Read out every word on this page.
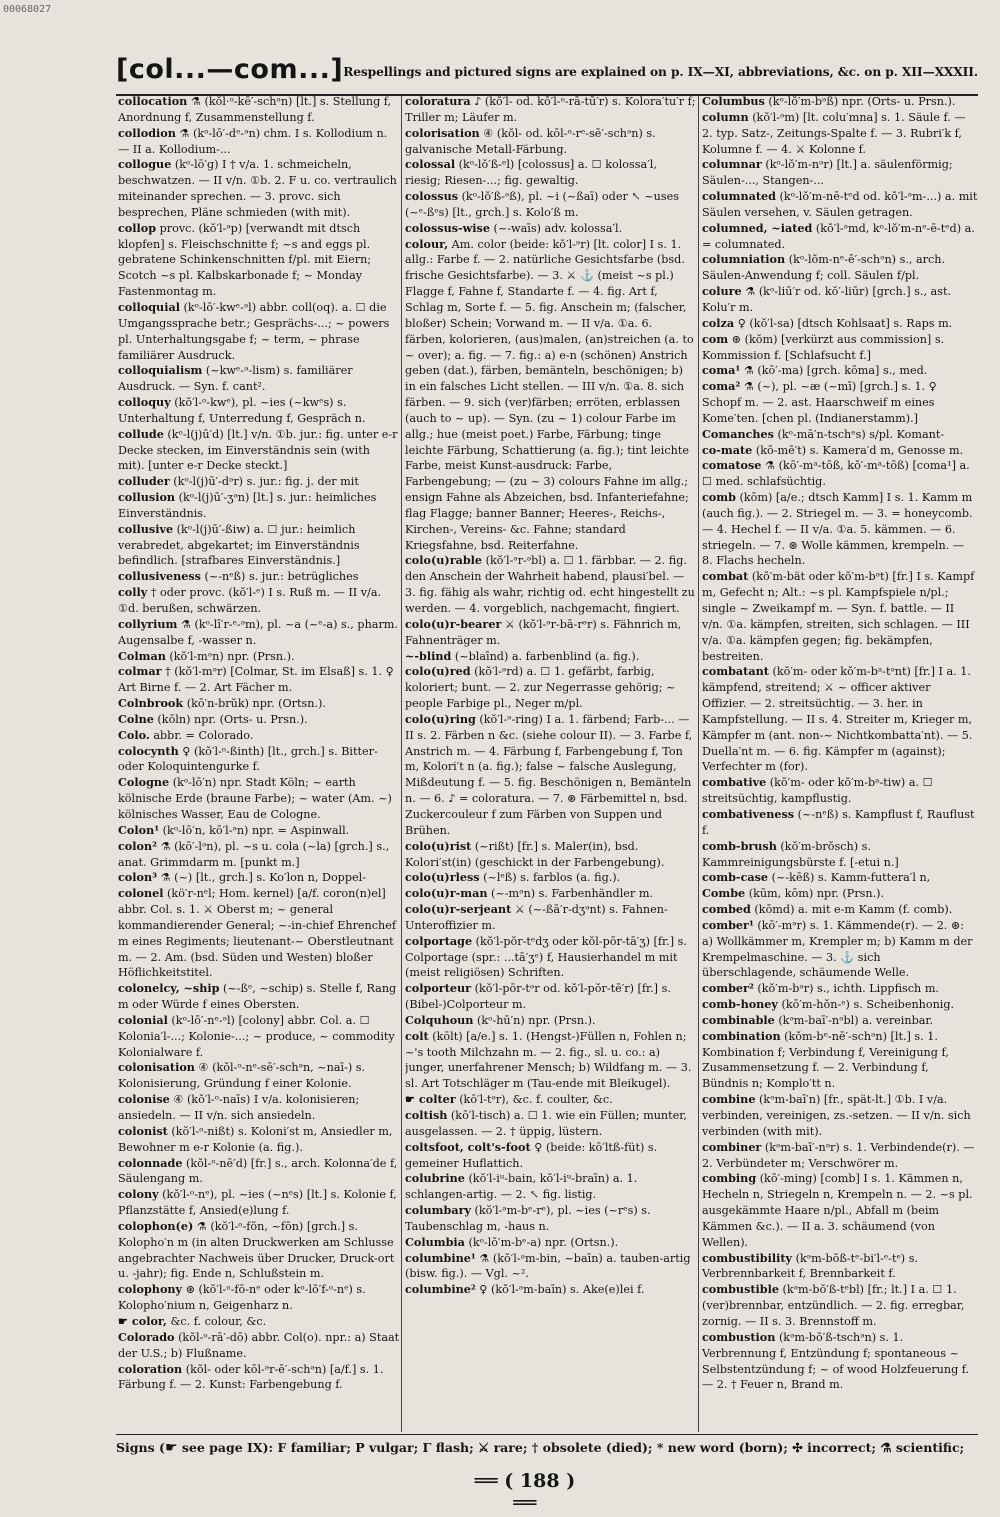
00068027
[col...—com...] Respellings and pictured signs are explained on p. IX—XI, abbreviations, &c. on p. XII—XXXII.

collocation ⚗ (kŏl·ᵒ-kē′-schᵊn) [lt.] s. Stellung f, Anordnung f, Zusammenstellung f.

collodion ⚗ (kᵒ-lō′-dᵉ-ᵊn) chm. I s. Kollodium n. — II a. Kollodium-...

collogue (kᵒ-lō′g) I † v/a. 1. schmeicheln, beschwatzen. — II v/n. ①b. 2. F u. co. vertraulich miteinander sprechen. — 3. provc. sich besprechen, Pläne schmieden (with mit).

collop provc. (kŏ′l-ᵊp) [verwandt mit dtsch klopfen] s. Fleischschnitte f; ~s and eggs pl. gebratene Schinkenschnitten f/pl. mit Eiern; Scotch ~s pl. Kalbskarbonade f; ~ Monday Fastenmontag m.

colloquial (kᵒ-lō′-kwᵉ-ᵊl) abbr. coll(oq). a. ☐ die Umgangssprache betr.; Gesprächs-...; ~ powers pl. Unterhaltungsgabe f; ~ term, ~ phrase familiärer Ausdruck.

colloquialism (~kwᵉ-ᵊ-lism) s. familiärer Ausdruck. — Syn. f. cant².

colloquy (kŏ′l-ᵒ-kwᵉ), pl. ~ies (~kwᵉs) s. Unterhaltung f, Unterredung f, Gespräch n.

collude (kᵒ-l(j)ū′d) [lt.] v/n. ①b. jur.: fig. unter e-r Decke stecken, im Einverständnis sein (with mit). [unter e-r Decke steckt.]

colluder (kᵒ-l(j)ū′-dᵊr) s. jur.: fig. j. der mit

collusion (kᵒ-l(j)ū′-ʒᵊn) [lt.] s. jur.: heimliches Einverständnis.

collusive (kᵒ-l(j)ū′-ßiw) a. ☐ jur.: heimlich verabredet, abgekartet; im Einverständnis befindlich. [strafbares Einverständnis.]

collusiveness (~-nᵉß) s. jur.: betrügliches

colly † oder provc. (kŏ′l-ᵉ) I s. Ruß m. — II v/a. ①d. berußen, schwärzen.

collyrium ⚗ (kᵒ-lī′r-ᵉ-ᵊm), pl. ~a (~ᵉ-a) s., pharm. Augensalbe f, -wasser n.

Colman (kŏ′l-mᵊn) npr. (Prsn.).

colmar † (kŏ′l-mᵊr) [Colmar, St. im Elsaß] s. 1. ♀ Art Birne f. — 2. Art Fächer m.

Colnbrook (kō′n-brŭk) npr. (Ortsn.).

Colne (kōln) npr. (Orts- u. Prsn.).

Colo. abbr. = Colorado.

colocynth ♀ (kŏ′l-ᵒ-ßinth) [lt., grch.] s. Bitter- oder Koloquintengurke f.

Cologne (kᵒ-lō′n) npr. Stadt Köln; ~ earth kölnische Erde (braune Farbe); ~ water (Am. ~) kölnisches Wasser, Eau de Cologne.

Colon¹ (kᵒ-lō′n, kō′l-ᵊn) npr. = Aspinwall.

colon² ⚗ (kō′-lᵊn), pl. ~s u. cola (~la) [grch.] s., anat. Grimmdarm m. [punkt m.]

colon³ ⚗ (~) [lt., grch.] s. Ko′lon n, Doppel-

colonel (kö′r-nᵉl; Hom. kernel) [a/f. coron(n)el] abbr. Col. s. 1. ⚔ Oberst m; ~ general kommandierender General; ~-in-chief Ehrenchef m eines Regiments; lieutenant-~ Oberstleutnant m. — 2. Am. (bsd. Süden und Westen) bloßer Höflichkeitstitel.

colonelcy, ~ship (~-ßᵉ, ~schip) s. Stelle f, Rang m oder Würde f eines Obersten.

colonial (kᵒ-lō′-nᵉ-ᵊl) [colony] abbr. Col. a. ☐ Kolonia′l-...; Kolonie-...; ~ produce, ~ commodity Kolonialware f.

colonisation ④ (kŏl-ᵒ-nᵉ-sē′-schᵊn, ~naī-) s. Kolonisierung, Gründung f einer Kolonie.

colonise ④ (kŏ′l-ᵒ-naīs) I v/a. kolonisieren; ansiedeln. — II v/n. sich ansiedeln.

colonist (kŏ′l-ᵒ-nißt) s. Koloni′st m, Ansiedler m, Bewohner m e-r Kolonie (a. fig.).

colonnade (kŏl-ᵒ-nē′d) [fr.] s., arch. Kolonna′de f, Säulengang m.

colony (kŏ′l-ᵒ-nᵉ), pl. ~ies (~nᵉs) [lt.] s. Kolonie f, Pflanzstätte f, Ansied(e)lung f.

colophon(e) ⚗ (kŏ′l-ᵒ-fŏn, ~fōn) [grch.] s. Kolopho′n m (in alten Druckwerken am Schlusse angebrachter Nachweis über Drucker, Druck-ort u. -jahr); fig. Ende n, Schlußstein m.

colophony ⊛ (kŏ′l-ᵒ-fō-nᵉ oder kᵒ-lŏ′f-ᵒ-nᵉ) s. Kolopho′nium n, Geigenharz n.

☛ color, &c. f. colour, &c.

Colorado (kŏl-ᵒ-rā′-dō) abbr. Col(o). npr.: a) Staat der U.S.; b) Flußname.

coloration (kŏl- oder kōl-ᵊr-ē′-schᵊn) [a/f.] s. 1. Färbung f. — 2. Kunst: Farbengebung f.

coloratura ♪ (kŏ′l- od. kō′l-ᵒ-rā-tū′r) s. Kolora′tu′r f; Triller m; Läufer m.

colorisation ④ (kŏl- od. kōl-ᵒ-rᵉ-sē′-schᵊn) s. galvanische Metall-Färbung.

colossal (kᵒ-lŏ′ß-ᵉl) [colossus] a. ☐ kolossa′l, riesig; Riesen-...; fig. gewaltig.

colossus (kᵒ-lŏ′ß-ᵊß), pl. ~i (~ßaī) oder ↖ ~uses (~ᵉ-ßᵉs) [lt., grch.] s. Kolo′ß m.

colossus-wise (~-waīs) adv. kolossa′l.

colour, Am. color (beide: kŏ′l-ᵊr) [lt. color] I s. 1. allg.: Farbe f. — 2. natürliche Gesichtsfarbe (bsd. frische Gesichtsfarbe). — 3. ⚔ ⚓ (meist ~s pl.) Flagge f, Fahne f, Standarte f. — 4. fig. Art f, Schlag m, Sorte f. — 5. fig. Anschein m; (falscher, bloßer) Schein; Vorwand m. — II v/a. ①a. 6. färben, kolorieren, (aus)malen, (an)streichen (a. to ~ over); a. fig. — 7. fig.: a) e-n (schönen) Anstrich geben (dat.), färben, bemänteln, beschönigen; b) in ein falsches Licht stellen. — III v/n. ①a. 8. sich färben. — 9. sich (ver)färben; erröten, erblassen (auch to ~ up). — Syn. (zu ~ 1) colour Farbe im allg.; hue (meist poet.) Farbe, Färbung; tinge leichte Färbung, Schattierung (a. fig.); tint leichte Farbe, meist Kunst-ausdruck: Farbe, Farbengebung; — (zu ~ 3) colours Fahne im allg.; ensign Fahne als Abzeichen, bsd. Infanteriefahne; flag Flagge; banner Banner; Heeres-, Reichs-, Kirchen-, Vereins- &c. Fahne; standard Kriegsfahne, bsd. Reiterfahne.

colo(u)rable (kŏ′l-ᵊr-ᵊbl) a. ☐ 1. färbbar. — 2. fig. den Anschein der Wahrheit habend, plausi′bel. — 3. fig. fähig als wahr, richtig od. echt hingestellt zu werden. — 4. vorgeblich, nachgemacht, fingiert.

colo(u)r-bearer ⚔ (kŏ′l-ᵊr-bā-rᵊr) s. Fähnrich m, Fahnenträger m.

~-blind (~blaīnd) a. farbenblind (a. fig.).

colo(u)red (kŏ′l-ᵊrd) a. ☐ 1. gefärbt, farbig, koloriert; bunt. — 2. zur Negerrasse gehörig; ~ people Farbige pl., Neger m/pl.

colo(u)ring (kŏ′l-ᵊ-ring) I a. 1. färbend; Farb-... — II s. 2. Färben n &c. (siehe colour II). — 3. Farbe f, Anstrich m. — 4. Färbung f, Farbengebung f, Ton m, Kolori′t n (a. fig.); false ~ falsche Auslegung, Mißdeutung f. — 5. fig. Beschönigen n, Bemänteln n. — 6. ♪ = coloratura. — 7. ⊛ Färbemittel n, bsd. Zuckercouleur f zum Färben von Suppen und Brühen.

colo(u)rist (~rißt) [fr.] s. Maler(in), bsd. Kolori′st(in) (geschickt in der Farbengebung).

colo(u)rless (~lᵉß) s. farblos (a. fig.).

colo(u)r-man (~-mᵊn) s. Farbenhändler m.

colo(u)r-serjeant ⚔ (~-ßā′r-dʒᵊnt) s. Fahnen-Unteroffizier m.

colportage (kŏ′l-pŏr-tᵉdʒ oder kŏl-pōr-tā′ʒ) [fr.] s. Colportage (spr.: ...tā′ʒᵉ) f, Hausierhandel m mit (meist religiösen) Schriften.

colporteur (kŏ′l-pōr-tᵊr od. kŏ′l-pŏr-tē′r) [fr.] s. (Bibel-)Colporteur m.

Colquhoun (kᵒ-hū′n) npr. (Prsn.).

colt (kōlt) [a/e.] s. 1. (Hengst-)Füllen n, Fohlen n; ~'s tooth Milchzahn m. — 2. fig., sl. u. co.: a) junger, unerfahrener Mensch; b) Wildfang m. — 3. sl. Art Totschläger m (Tau-ende mit Bleikugel).

☛ colter (kō′l-tᵊr), &c. f. coulter, &c.

coltish (kō′l-tisch) a. ☐ 1. wie ein Füllen; munter, ausgelassen. — 2. † üppig, lüstern.

coltsfoot, colt's-foot ♀ (beide: kō′ltß-füt) s. gemeiner Huflattich.

colubrine (kŏ′l-iᵘ-bain, kŏ′l-iᵘ-braīn) a. 1. schlangen-artig. — 2. ↖ fig. listig.

columbary (kŏ′l-ᵊm-bᵉ-rᵉ), pl. ~ies (~rᵉs) s. Taubenschlag m, -haus n.

Columbia (kᵒ-lŏ′m-bᵉ-a) npr. (Ortsn.).

columbine¹ ⚗ (kŏ′l-ᵊm-bin, ~baīn) a. tauben-artig (bisw. fig.). — Vgl. ~².

columbine² ♀ (kŏ′l-ᵊm-baīn) s. Ake(e)lei f.

Columbus (kᵒ-lŏ′m-bᵊß) npr. (Orts- u. Prsn.).

column (kŏ′l-ᵊm) [lt. colu′mna] s. 1. Säule f. — 2. typ. Satz-, Zeitungs-Spalte f. — 3. Rubri′k f, Kolumne f. — 4. ⚔ Kolonne f.

columnar (kᵒ-lŏ′m-nᵊr) [lt.] a. säulenförmig; Säulen-..., Stangen-...

columnated (kᵒ-lŏ′m-nē-tᵉd od. kŏ′l-ᵊm-...) a. mit Säulen versehen, v. Säulen getragen.

columned, ~iated (kŏ′l-ᵊmd, kᵒ-lŏ′m-nᵉ-ē-tᵉd) a. = columnated.

columniation (kᵒ-lŏm-nᵉ-ē′-schᵊn) s., arch. Säulen-Anwendung f; coll. Säulen f/pl.

colure ⚗ (kᵒ-liū′r od. kŏ′-liūr) [grch.] s., ast. Kolu′r m.

colza ♀ (kŏ′l-sa) [dtsch Kohlsaat] s. Raps m.

com ⊛ (kŏm) [verkürzt aus commission] s. Kommission f. [Schlafsucht f.]

coma¹ ⚗ (kō′-ma) [grch. kōma] s., med.

coma² ⚗ (~), pl. ~æ (~mī) [grch.] s. 1. ♀ Schopf m. — 2. ast. Haarschweif m eines Kome′ten. [chen pl. (Indianerstamm).]

Comanches (kᵒ-mā′n-tschᵉs) s/pl. Komant-

co-mate (kō-mē′t) s. Kamera′d m, Genosse m.

comatose ⚗ (kō′-mᵃ-tōß, kŏ′-mᵃ-tōß) [coma¹] a. ☐ med. schlafsüchtig.

comb (kōm) [a/e.; dtsch Kamm] I s. 1. Kamm m (auch fig.). — 2. Striegel m. — 3. = honeycomb. — 4. Hechel f. — II v/a. ①a. 5. kämmen. — 6. striegeln. — 7. ⊛ Wolle kämmen, krempeln. — 8. Flachs hecheln.

combat (kŏ′m-bät oder kŏ′m-bᵊt) [fr.] I s. Kampf m, Gefecht n; Alt.: ~s pl. Kampfspiele n/pl.; single ~ Zweikampf m. — Syn. f. battle. — II v/n. ①a. kämpfen, streiten, sich schlagen. — III v/a. ①a. kämpfen gegen; fig. bekämpfen, bestreiten.

combatant (kŏ′m- oder kŏ′m-bᵃ-tᵊnt) [fr.] I a. 1. kämpfend, streitend; ⚔ ~ officer aktiver Offizier. — 2. streitsüchtig. — 3. her. in Kampfstellung. — II s. 4. Streiter m, Krieger m, Kämpfer m (ant. non-~ Nichtkombatta′nt). — 5. Duella′nt m. — 6. fig. Kämpfer m (against); Verfechter m (for).

combative (kŏ′m- oder kŏ′m-bᵃ-tiw) a. ☐ streitsüchtig, kampflustig.

combativeness (~-nᵉß) s. Kampflust f, Rauflust f.

comb-brush (kŏ′m-brŏsch) s. Kammreinigungsbürste f. [-etui n.]

comb-case (~-kēß) s. Kamm-futtera′l n,

Combe (kūm, kōm) npr. (Prsn.).

combed (kōmd) a. mit e-m Kamm (f. comb).

comber¹ (kō′-mᵊr) s. 1. Kämmende(r). — 2. ⊛: a) Wollkämmer m, Krempler m; b) Kamm m der Krempelmaschine. — 3. ⚓ sich überschlagende, schäumende Welle.

comber² (kŏ′m-bᵊr) s., ichth. Lippfisch m.

comb-honey (kō′m-hŏn-ᵉ) s. Scheibenhonig.

combinable (kᵊm-baī′-nᵊbl) a. vereinbar.

combination (kŏm-bᵉ-nē′-schᵊn) [lt.] s. 1. Kombination f; Verbindung f, Vereinigung f, Zusammensetzung f. — 2. Verbindung f, Bündnis n; Komplo′tt n.

combine (kᵊm-baī′n) [fr., spät-lt.] ①b. I v/a. verbinden, vereinigen, zs.-setzen. — II v/n. sich verbinden (with mit).

combiner (kᵊm-baī′-nᵊr) s. 1. Verbindende(r). — 2. Verbündeter m; Verschwörer m.

combing (kō′-ming) [comb] I s. 1. Kämmen n, Hecheln n, Striegeln n, Krempeln n. — 2. ~s pl. ausgekämmte Haare n/pl., Abfall m (beim Kämmen &c.). — II a. 3. schäumend (von Wellen).

combustibility (kᵊm-bŏß-tᵉ-bi′l-ᵉ-tᵉ) s. Verbrennbarkeit f, Brennbarkeit f.

combustible (kᵊm-bŏ′ß-tᵉbl) [fr.; lt.] I a. ☐ 1. (ver)brennbar, entzündlich. — 2. fig. erregbar, zornig. — II s. 3. Brennstoff m.

combustion (kᵊm-bŏ′ß-tschᵊn) s. 1. Verbrennung f, Entzündung f; spontaneous ~ Selbstentzündung f; ~ of wood Holzfeuerung f. — 2. † Feuer n, Brand m.

Signs (☛ see page IX): F familiar; P vulgar; Γ flash; ⚔ rare; † obsolete (died); * new word (born); ✣ incorrect; ⚗ scientific;
══ ( 188 ) ══
